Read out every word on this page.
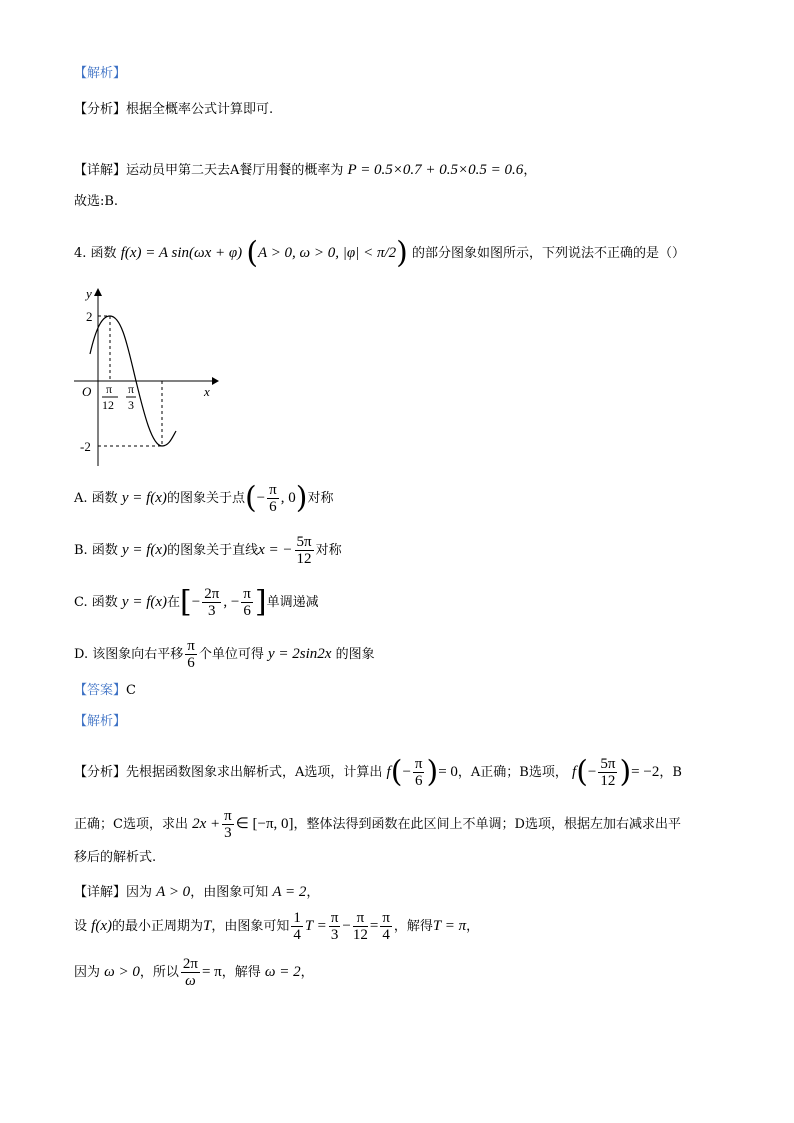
【解析】
【分析】根据全概率公式计算即可.
【详解】运动员甲第二天去A餐厅用餐的概率为 P = 0.5×0.7 + 0.5×0.5 = 0.6，
故选:B.
4. 函数 f(x) = A sin(ωx + φ) (A > 0, ω > 0, |φ| < π/2) 的部分图象如图所示，下列说法不正确的是（）
y
x
O
2
-2
π
12
π
3
A. 函数 y = f(x)的图象关于点(− $\frac{\pi}{6}$ , 0)对称
B. 函数 y = f(x)的图象关于直线x = − $\frac{5\pi}{12}$ 对称
C. 函数 y = f(x)在[− $\frac{2\pi}{3}$ , − $\frac{\pi}{6}$ ]单调递减
D. 该图象向右平移 $\frac{\pi}{6}$ 个单位可得 y = 2sin2x 的图象
【答案】C
【解析】
【分析】先根据函数图象求出解析式，A选项，计算出 $f(- \frac{\pi}{6}$ )= 0，A正确；B选项， $f(- \frac{5\pi}{12}$ )= −2，B
正确；C选项，求出 $2x + \frac{\pi}{3}$ ∈ [−π, 0]，整体法得到函数在此区间上不单调；D选项，根据左加右减求出平
移后的解析式.
【详解】因为 A > 0，由图象可知 A = 2，
设 f(x)的最小正周期为T，由图象可知 $\frac{1}{4}$ $T = \frac{\pi}{3} - \frac{\pi}{12} = \frac{\pi}{4}$ ，解得T = π，
因为 ω > 0，所以 $\frac{2\pi}{\omega} = \pi$，解得 ω = 2，
